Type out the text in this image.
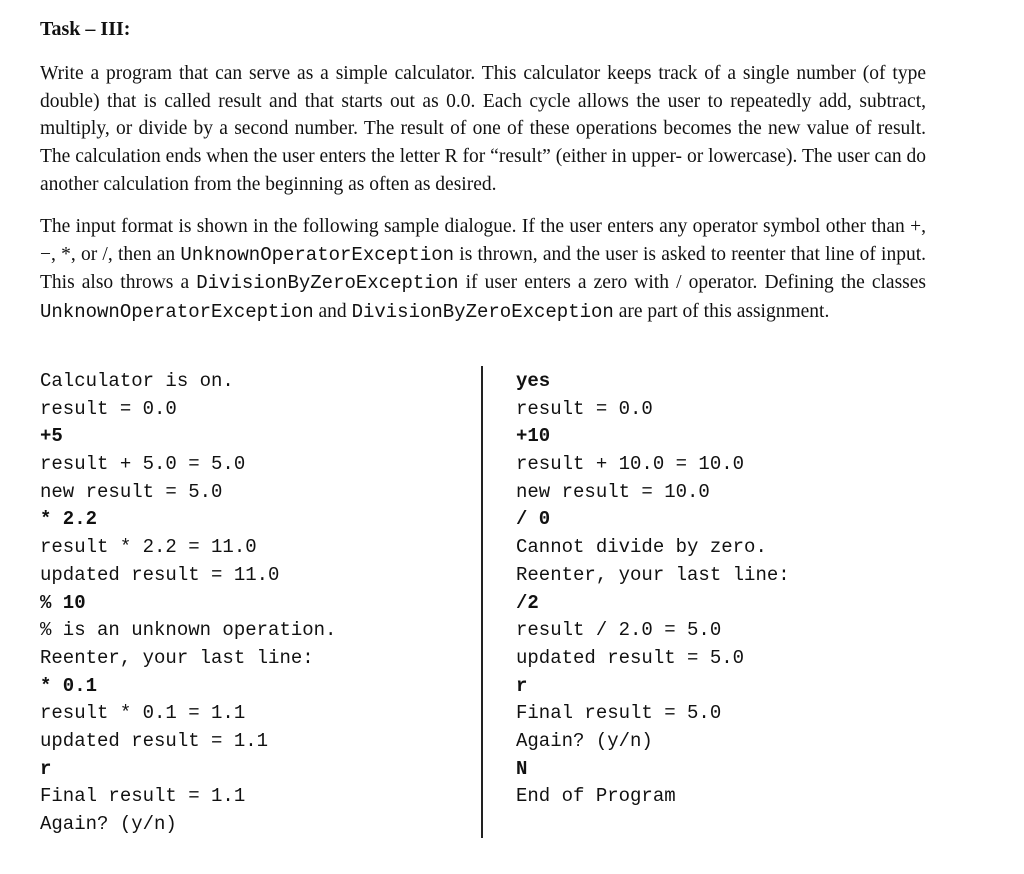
Task – III:

Write a program that can serve as a simple calculator. This calculator keeps track of a single number (of type double) that is called result and that starts out as 0.0. Each cycle allows the user to repeatedly add, subtract, multiply, or divide by a second number. The result of one of these operations becomes the new value of result. The calculation ends when the user enters the letter R for “result” (either in upper- or lowercase). The user can do another calculation from the beginning as often as desired.

The input format is shown in the following sample dialogue. If the user enters any operator symbol other than +, −, *, or /, then an UnknownOperatorException is thrown, and the user is asked to reenter that line of input. This also throws a DivisionByZeroException if user enters a zero with / operator. Defining the classes UnknownOperatorException and DivisionByZeroException are part of this assignment.

Calculator is on.
result = 0.0
+5
result + 5.0 = 5.0
new result = 5.0
* 2.2
result * 2.2 = 11.0
updated result = 11.0
% 10
% is an unknown operation.
Reenter, your last line:
* 0.1
result * 0.1 = 1.1
updated result = 1.1
r
Final result = 1.1
Again? (y/n)
yes
result = 0.0
+10
result + 10.0 = 10.0
new result = 10.0
/ 0
Cannot divide by zero.
Reenter, your last line:
/2
result / 2.0 = 5.0
updated result = 5.0
r
Final result = 5.0
Again? (y/n)
N
End of Program
